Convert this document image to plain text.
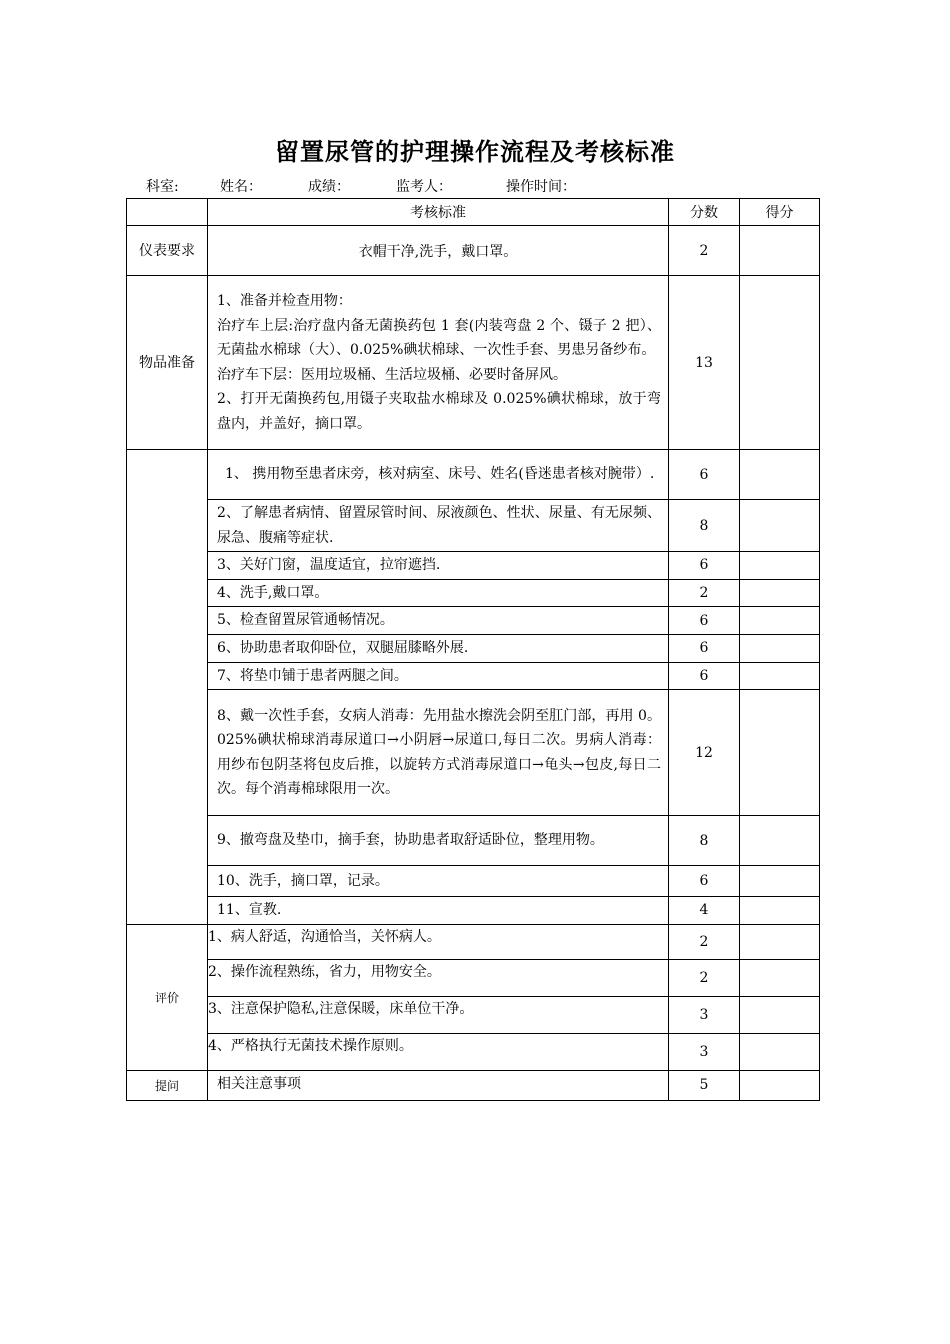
留置尿管的护理操作流程及考核标准
科室:	姓名：	成绩：	监考人：	操作时间：
	考核标准	分数	得分
仪表要求	衣帽干净,洗手，戴口罩。	2	
物品准备	1、准备并检查用物：
治疗车上层:治疗盘内备无菌换药包 1 套(内装弯盘 2 个、镊子 2 把）、无菌盐水棉球（大）、0.025%碘状棉球、一次性手套、男患另备纱布。
治疗车下层：医用垃圾桶、生活垃圾桶、必要时备屏风。
2、打开无菌换药包,用镊子夹取盐水棉球及 0.025%碘状棉球，放于弯盘内，并盖好，摘口罩。	13	

	1、 携用物至患者床旁，核对病室、床号、姓名(昏迷患者核对腕带）.	6	
	2、了解患者病情、留置尿管时间、尿液颜色、性状、尿量、有无尿频、尿急、腹痛等症状.	8	
	3、关好门窗，温度适宜，拉帘遮挡.	6	
	4、洗手,戴口罩。	2	
	5、检查留置尿管通畅情况。	6	
	6、协助患者取仰卧位，双腿屈膝略外展.	6	
	7、将垫巾铺于患者两腿之间。	6	
	8、戴一次性手套，女病人消毒：先用盐水擦洗会阴至肛门部，再用 0。025%碘状棉球消毒尿道口→小阴唇→尿道口,每日二次。男病人消毒：用纱布包阴茎将包皮后推，以旋转方式消毒尿道口→龟头→包皮,每日二次。每个消毒棉球限用一次。	12	
	9、撤弯盘及垫巾，摘手套，协助患者取舒适卧位，整理用物。	8	
	10、洗手，摘口罩，记录。	6	
	11、宣教.	4	
评价	1、病人舒适，沟通恰当，关怀病人。	2	
	2、操作流程熟练，省力，用物安全。	2	
	3、注意保护隐私,注意保暖，床单位干净。	3	
	4、严格执行无菌技术操作原则。	3	
提问	相关注意事项	5	
